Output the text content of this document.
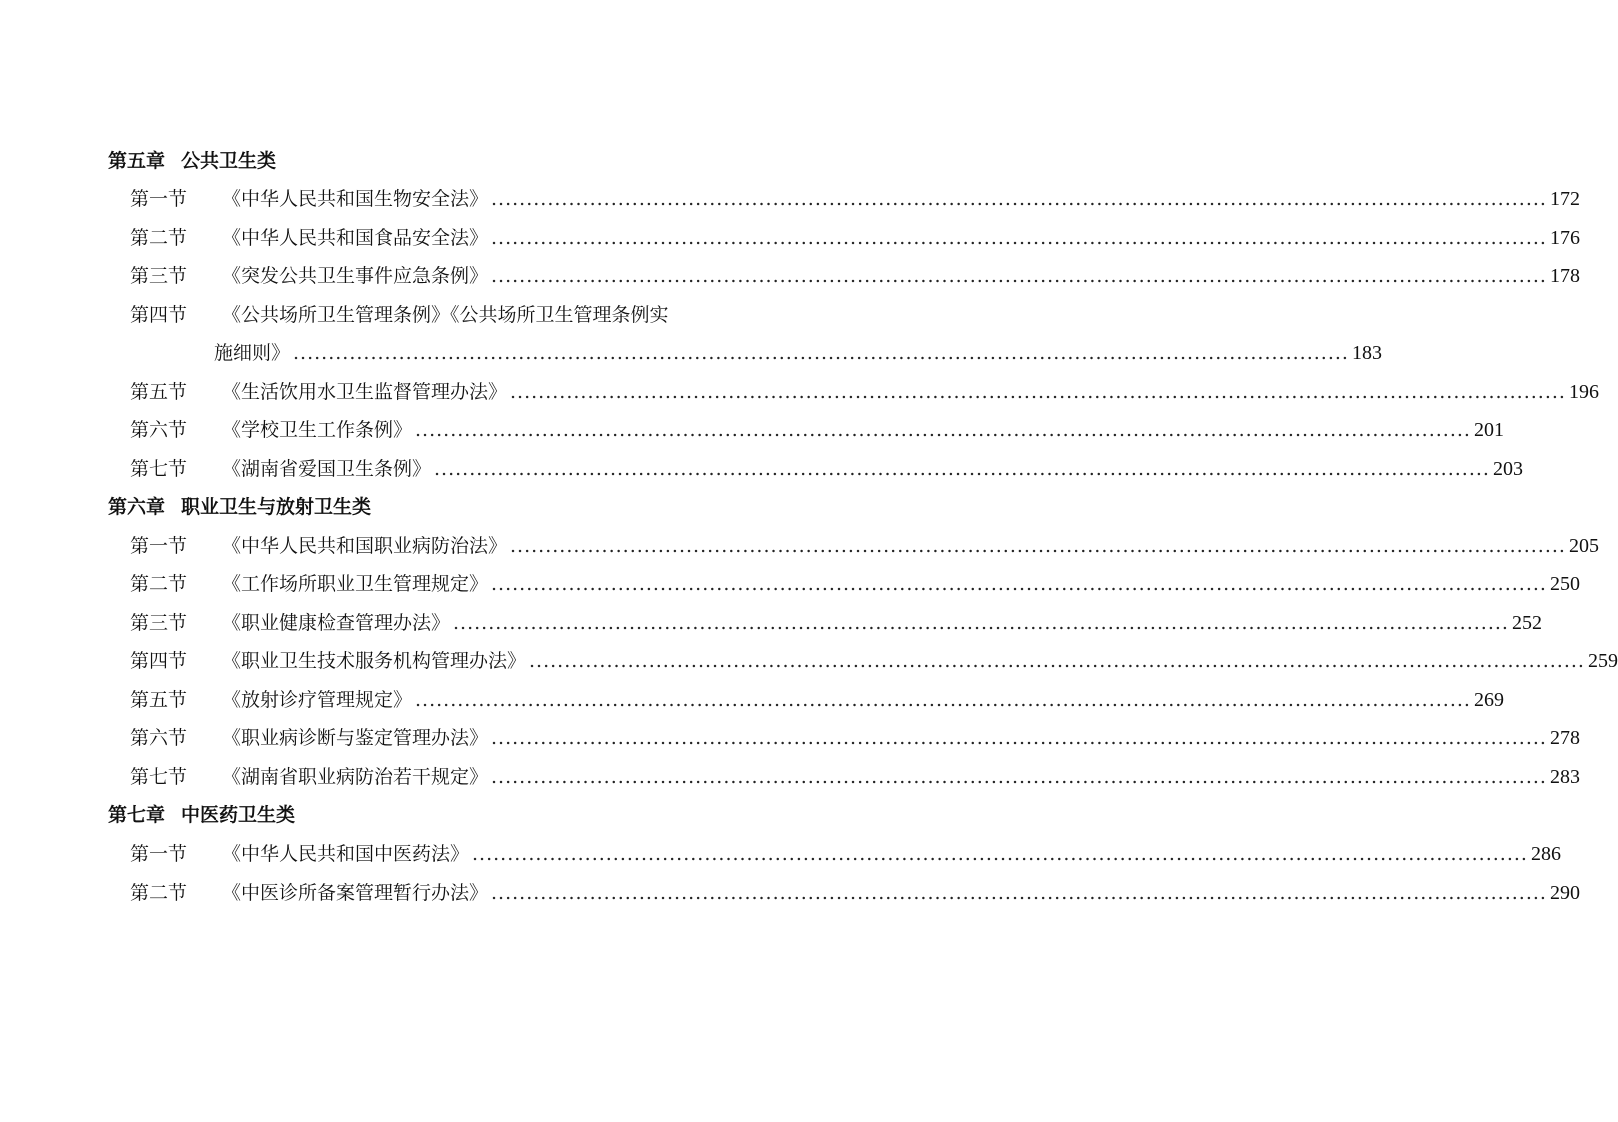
第五章 公共卫生类
第一节	《中华人民共和国生物安全法》 .....	172
第二节	《中华人民共和国食品安全法》 .....	176
第三节	《突发公共卫生事件应急条例》 .....	178
第四节	《公共场所卫生管理条例》《公共场所卫生管理条例实
施细则》 ...................................................................................................................................................... 183
第五节	《生活饮用水卫生监督管理办法》 .....	196
第六节	《学校卫生工作条例》 .....	201
第七节	《湖南省爱国卫生条例》 .....	203
第六章 职业卫生与放射卫生类
第一节	《中华人民共和国职业病防治法》 .....	205
第二节	《工作场所职业卫生管理规定》 .....	250
第三节	《职业健康检查管理办法》 .....	252
第四节	《职业卫生技术服务机构管理办法》 .....	259
第五节	《放射诊疗管理规定》 .....	269
第六节	《职业病诊断与鉴定管理办法》 .....	278
第七节	《湖南省职业病防治若干规定》 .....	283
第七章 中医药卫生类
第一节	《中华人民共和国中医药法》 .....	286
第二节	《中医诊所备案管理暂行办法》 .....	290
